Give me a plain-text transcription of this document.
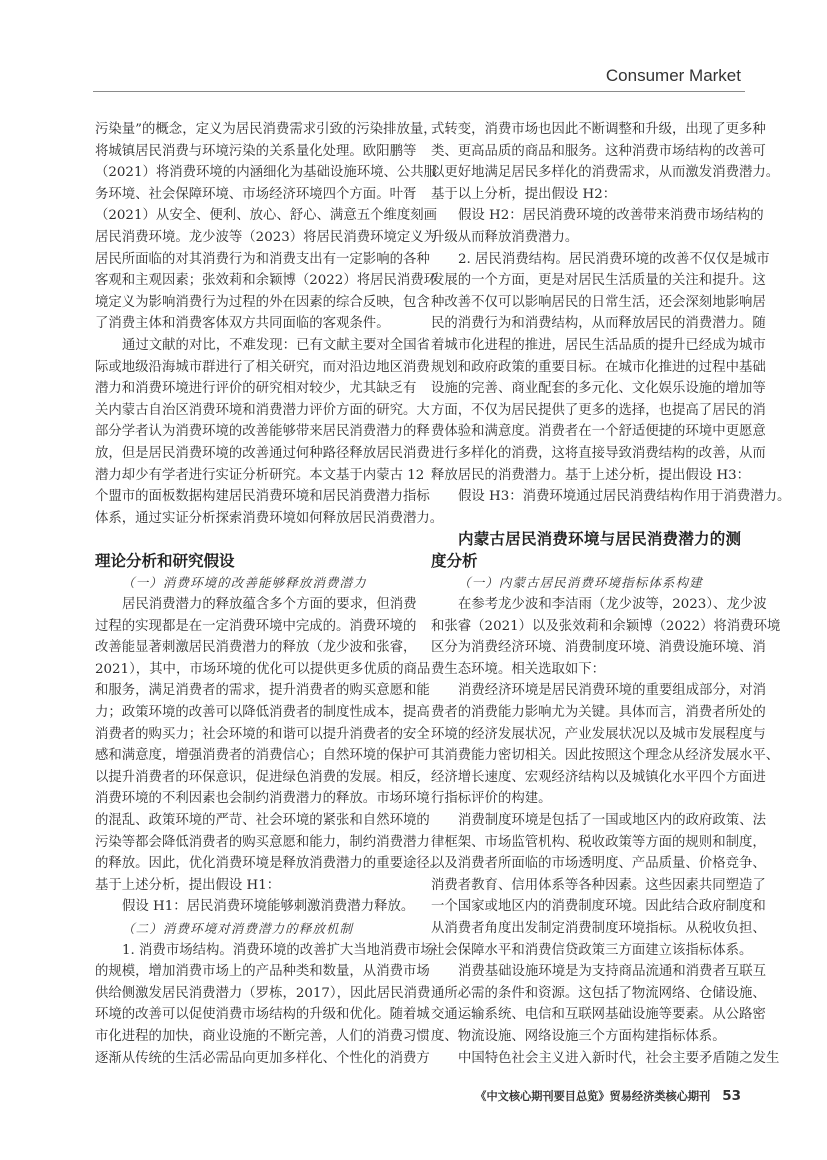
Consumer Market
污染量”的概念，定义为居民消费需求引致的污染排放量，
将城镇居民消费与环境污染的关系量化处理。欧阳鹏等
（2021）将消费环境的内涵细化为基础设施环境、公共服
务环境、社会保障环境、市场经济环境四个方面。叶胥
（2021）从安全、便利、放心、舒心、满意五个维度刻画
居民消费环境。龙少波等（2023）将居民消费环境定义为
居民所面临的对其消费行为和消费支出有一定影响的各种
客观和主观因素；张效莉和余颖博（2022）将居民消费环
境定义为影响消费行为过程的外在因素的综合反映，包含
了消费主体和消费客体双方共同面临的客观条件。
通过文献的对比，不难发现：已有文献主要对全国省
际或地级沿海城市群进行了相关研究，而对沿边地区消费
潜力和消费环境进行评价的研究相对较少，尤其缺乏有
关内蒙古自治区消费环境和消费潜力评价方面的研究。大
部分学者认为消费环境的改善能够带来居民消费潜力的释
放，但是居民消费环境的改善通过何种路径释放居民消费
潜力却少有学者进行实证分析研究。本文基于内蒙古 12
个盟市的面板数据构建居民消费环境和居民消费潜力指标
体系，通过实证分析探索消费环境如何释放居民消费潜力。
理论分析和研究假设
（一）消费环境的改善能够释放消费潜力
居民消费潜力的释放蕴含多个方面的要求，但消费
过程的实现都是在一定消费环境中完成的。消费环境的
改善能显著刺激居民消费潜力的释放（龙少波和张睿，
2021），其中，市场环境的优化可以提供更多优质的商品
和服务，满足消费者的需求，提升消费者的购买意愿和能
力；政策环境的改善可以降低消费者的制度性成本，提高
消费者的购买力；社会环境的和谐可以提升消费者的安全
感和满意度，增强消费者的消费信心；自然环境的保护可
以提升消费者的环保意识，促进绿色消费的发展。相反，
消费环境的不利因素也会制约消费潜力的释放。市场环境
的混乱、政策环境的严苛、社会环境的紧张和自然环境的
污染等都会降低消费者的购买意愿和能力，制约消费潜力
的释放。因此，优化消费环境是释放消费潜力的重要途径。
基于上述分析，提出假设 H1：
假设 H1：居民消费环境能够刺激消费潜力释放。
（二）消费环境对消费潜力的释放机制
1. 消费市场结构。消费环境的改善扩大当地消费市场
的规模，增加消费市场上的产品种类和数量，从消费市场
供给侧激发居民消费潜力（罗栋，2017），因此居民消费
环境的改善可以促使消费市场结构的升级和优化。随着城
市化进程的加快，商业设施的不断完善，人们的消费习惯
逐渐从传统的生活必需品向更加多样化、个性化的消费方
式转变，消费市场也因此不断调整和升级，出现了更多种
类、更高品质的商品和服务。这种消费市场结构的改善可
以更好地满足居民多样化的消费需求，从而激发消费潜力。
基于以上分析，提出假设 H2：
假设 H2：居民消费环境的改善带来消费市场结构的
升级从而释放消费潜力。
2. 居民消费结构。居民消费环境的改善不仅仅是城市
发展的一个方面，更是对居民生活质量的关注和提升。这
种改善不仅可以影响居民的日常生活，还会深刻地影响居
民的消费行为和消费结构，从而释放居民的消费潜力。随
着城市化进程的推进，居民生活品质的提升已经成为城市
规划和政府政策的重要目标。在城市化推进的过程中基础
设施的完善、商业配套的多元化、文化娱乐设施的增加等
方面，不仅为居民提供了更多的选择，也提高了居民的消
费体验和满意度。消费者在一个舒适便捷的环境中更愿意
进行多样化的消费，这将直接导致消费结构的改善，从而
释放居民的消费潜力。基于上述分析，提出假设 H3：
假设 H3：消费环境通过居民消费结构作用于消费潜力。
内蒙古居民消费环境与居民消费潜力的测
度分析
（一）内蒙古居民消费环境指标体系构建
在参考龙少波和李洁雨（龙少波等，2023）、龙少波
和张睿（2021）以及张效莉和余颖博（2022）将消费环境
区分为消费经济环境、消费制度环境、消费设施环境、消
费生态环境。相关选取如下：
消费经济环境是居民消费环境的重要组成部分，对消
费者的消费能力影响尤为关键。具体而言，消费者所处的
环境的经济发展状况，产业发展状况以及城市发展程度与
其消费能力密切相关。因此按照这个理念从经济发展水平、
经济增长速度、宏观经济结构以及城镇化水平四个方面进
行指标评价的构建。
消费制度环境是包括了一国或地区内的政府政策、法
律框架、市场监管机构、税收政策等方面的规则和制度，
以及消费者所面临的市场透明度、产品质量、价格竞争、
消费者教育、信用体系等各种因素。这些因素共同塑造了
一个国家或地区内的消费制度环境。因此结合政府制度和
从消费者角度出发制定消费制度环境指标。从税收负担、
社会保障水平和消费信贷政策三方面建立该指标体系。
消费基础设施环境是为支持商品流通和消费者互联互
通所必需的条件和资源。这包括了物流网络、仓储设施、
交通运输系统、电信和互联网基础设施等要素。从公路密
度、物流设施、网络设施三个方面构建指标体系。
中国特色社会主义进入新时代，社会主要矛盾随之发生
《中文核心期刊要目总览》贸易经济类核心期刊 53
